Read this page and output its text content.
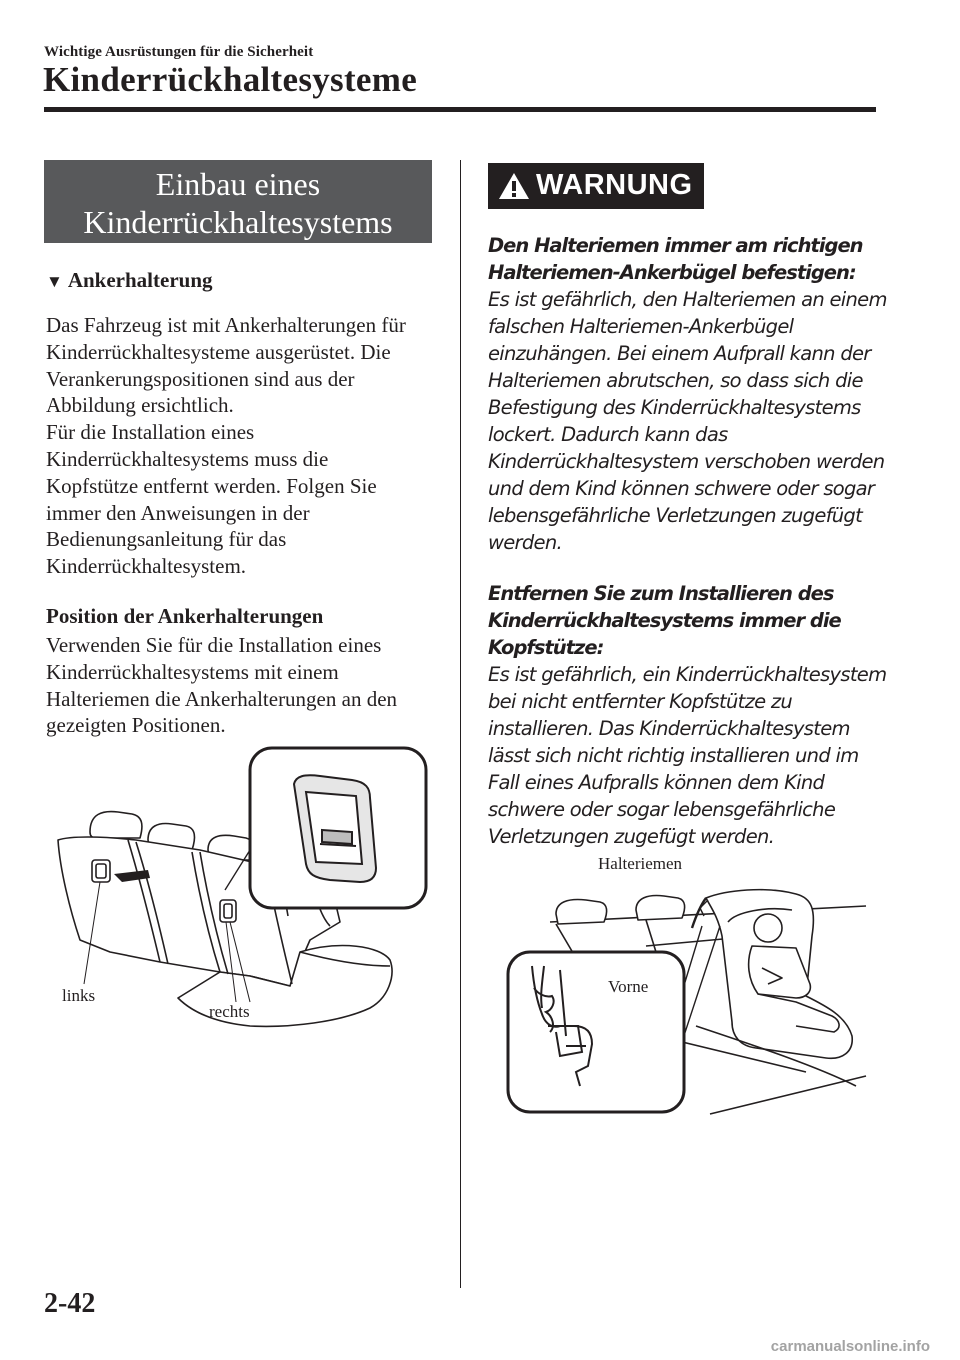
Wichtige Ausrüstungen für die Sicherheit
Kinderrückhaltesysteme
Einbau eines
Kinderrückhaltesystems
▼ Ankerhalterung

Das Fahrzeug ist mit Ankerhalterungen für

Kinderrückhaltesysteme ausgerüstet. Die

Verankerungspositionen sind aus der

Abbildung ersichtlich.

Für die Installation eines

Kinderrückhaltesystems muss die

Kopfstütze entfernt werden. Folgen Sie

immer den Anweisungen in der

Bedienungsanleitung für das

Kinderrückhaltesystem.

Position der Ankerhalterungen

Verwenden Sie für die Installation eines

Kinderrückhaltesystems mit einem

Halteriemen die Ankerhalterungen an den

gezeigten Positionen.

links
rechts
WARNUNG

Den Halteriemen immer am richtigen

Halteriemen-Ankerbügel befestigen:

Es ist gefährlich, den Halteriemen an einem

falschen Halteriemen-Ankerbügel

einzuhängen. Bei einem Aufprall kann der

Halteriemen abrutschen, so dass sich die

Befestigung des Kinderrückhaltesystems

lockert. Dadurch kann das

Kinderrückhaltesystem verschoben werden

und dem Kind können schwere oder sogar

lebensgefährliche Verletzungen zugefügt

werden.

Entfernen Sie zum Installieren des

Kinderrückhaltesystems immer die

Kopfstütze:

Es ist gefährlich, ein Kinderrückhaltesystem

bei nicht entfernter Kopfstütze zu

installieren. Das Kinderrückhaltesystem

lässt sich nicht richtig installieren und im

Fall eines Aufpralls können dem Kind

schwere oder sogar lebensgefährliche

Verletzungen zugefügt werden.

Halteriemen
Vorne
2-42
carmanualsonline.info
